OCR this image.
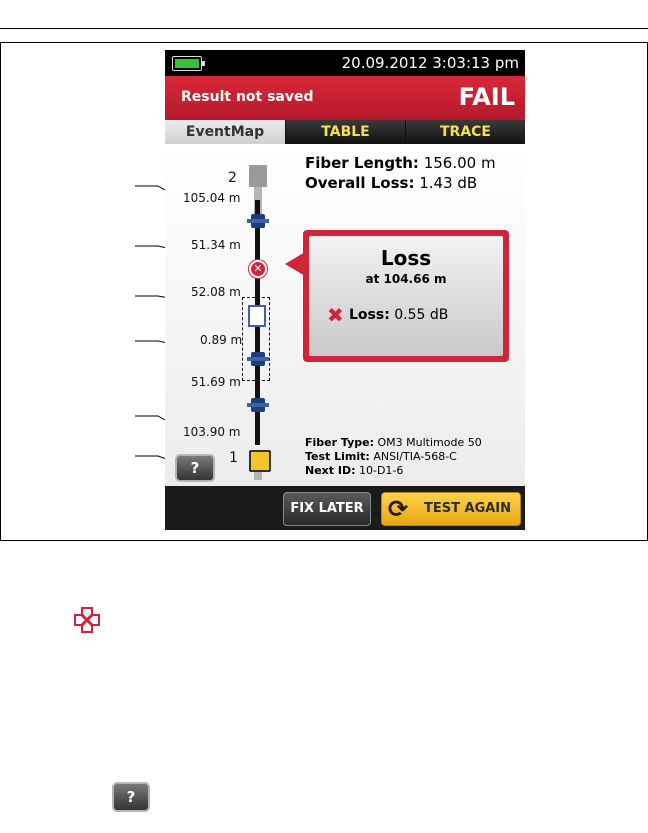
20.09.2012 3:03:13 pm
Result not saved	FAIL
EventMap	TABLE	TRACE
✕
2
1
105.04 m
51.34 m
52.08 m
0.89 m
51.69 m
103.90 m
Fiber Length: 156.00 m
Overall Loss: 1.43 dB
Loss
at 104.66 m
✖ Loss: 0.55 dB
?
Fiber Type: OM3 Multimode 50
Test Limit: ANSI/TIA-568-C
Next ID: 10-D1-6
FIX LATER	⟳ TEST AGAIN
?
